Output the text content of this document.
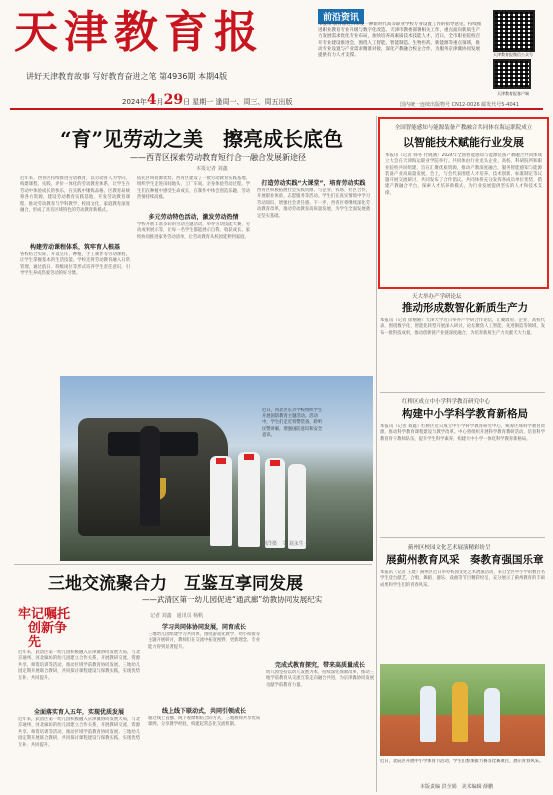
天津教育报
讲好天津教育故事 写好教育奋进之笔 第4936期 本期4版
2024年4月29日 星期一 逢周一、周三、周五出版
前沿资讯
本报讯 教育部近日印发一种新时代高等职业学校专业设置工作的指导意见，持续推进职业教育专业升级与数字化改造。天津市教委部署相关工作，重点面向新质生产力发展需求优化专业布局，加快培养高素质技术技能人才。近日，全市职业院校召开专业建设推进会，围绕人工智能、智能制造、生物医药、新能源等重点领域，推动专业设置与产业需求精准对接，深化产教融合校企合作，为服务京津冀协同发展提供有力人才支撑。	天津教育报微信公众号
天津教育报客户端
国内统一连续出版物号 CN12-0026 邮发代号5-4041
“育”见劳动之美　擦亮成长底色
——西青区探索劳动教育短行合一融合发展新途径
本报记者 刘鑫
近年来，西青区持续推进劳动教育，以劳动育人为导向，构建课程、实践、评价一体化的劳动教育体系，让学生在劳动中体验成长的快乐，在实践中锤炼品格。区教育局统筹各方资源，建设劳动教育实践基地，开发劳动教育课程，推动劳动教育与学科教学、校园文化、家庭教育深度融合，形成了具有区域特色的劳动教育新模式。
构建劳动课程体系，筑牢育人根基
各校结合实际，开设烹饪、种植、手工制作等劳动课程，让学生掌握基本的生活技能。学校还将劳动教育融入日常管理，通过值日、班级岗位等形式培养学生责任意识，引导学生养成热爱劳动的好习惯。
依托区域资源优势，西青区建设了一批劳动教育实践基地，组织学生走进田间地头、工厂车间，亲身体验劳动过程。学生们在种植中感受生命成长，在制作中体会创造乐趣，劳动热情持续高涨。
多元劳动特色活动，激发劳动热情
学校开展丰富多彩的劳动主题活动，举办劳动技能大赛、劳动成果展示等，让每一名学生都能展示自我、收获成长。家校协同推进家务劳动清单，让劳动教育从校园延伸到家庭。
打造劳动实践“大课堂”，培育劳动实践
西青区积极拓展社会实践资源，与企业、农场、社区合作，开展职业体验、志愿服务等活动。学生们在真实情境中学习劳动知识，增强社会责任感。下一步，西青区将继续深化劳动教育改革，推动劳动教育高质量发展，为学生全面发展奠定坚实基础。
全国智能感知与能源装备产教融合共同体在海运职院成立
以智能技术赋能行业发展
本报讯（记者 韩冬 付晓涵）2024年全国智能感知与能源装备产教融合共同体成立大会在天津海运职业学院举行。共同体由行业龙头企业、高校、科研院所和职业院校共同组建，旨在汇聚优质资源，推动产教深度融合，服务智能感知与能源装备产业高质量发展。会上，与会代表围绕人才培养、技术创新、标准制定等议题开展交流研讨，共同发布了合作倡议。共同体将充分发挥各成员单位优势，搭建产教融合平台，探索人才培养新模式，为行业发展提供坚实的人才和技术支撑。
天大举办产学研论坛
推动形成数智化新质生产力
本报讯（记者 徐丽丽）天津大学近日举办产学研合作论坛，汇聚政府、企业、高校代表，围绕数字化、智能化转型开展深入研讨。论坛聚焦人工智能、先进制造等领域，发布一批科技成果，推动创新链产业链深度融合，为培育新质生产力贡献天大力量。
红桥区成立中小学科学教育研究中心
构建中小学科学教育新格局
本报讯（记者 刘鑫）红桥区近日成立中小学科学教育研究中心，统筹区域科学教育资源，推动科学教育课程建设与教学改革。中心将组织开展科学教育教研活动，培育科学教育骨干教师队伍，提升学生科学素养，构建大中小学一体化科学教育新格局。
蓟州区校园文化艺术展演精彩纷呈
展蓟州教育风采　奏教育强国乐章
本报讯（记者 王建）蓟州区近日举办校园文化艺术展演活动，来自全区中小学的数百名学生登台献艺，合唱、舞蹈、器乐、戏曲等节目精彩纷呈，充分展示了蓟州教育的丰硕成果和学生们的青春风采。
近日，河北区长兴学校组织学生开展国防教育主题活动。活动中，学生们走近特警装备，聆听民警讲解，增强国防意识和安全意识。
刘洋摄　文 刘永生 摄
三地交流聚合力　互鉴互享同发展
——武清区第一幼儿园促进“通武廊”幼教协同发展纪实
牢记嘱托
创新争先
近年来，武清区第一幼儿园积极融入京津冀协同发展大局，与北京通州、河北廊坊的幼儿园建立合作关系，开展教研交流、资源共享、师资培训等活动，推动区域学前教育协同发展。三地幼儿园定期开展联合教研，共同探讨课程建设与保教实践，实现优势互补、共同提升。
全面落实育人五年，实现优质发展
近年来，武清区第一幼儿园积极融入京津冀协同发展大局，与北京通州、河北廊坊的幼儿园建立合作关系，开展教研交流、资源共享、师资培训等活动，推动区域学前教育协同发展。三地幼儿园定期开展联合教研，共同探讨课程建设与保教实践，实现优势互补、共同提升。
记者 刘鑫　通讯员 杨帆
学习共同体协同发展，同育成长
三地幼儿园组建学习共同体，围绕游戏化教学、幼小衔接等主题开展研讨，教师们在交流中拓宽视野、更新理念，专业能力得到显著提升。
线上线下联动式，共同引领成长
通过线上直播、线下观摩相结合的方式，三地教师共享优质课例，分享教学经验，构建起常态化交流机制。
完成式教育探究，带来高质量成长
幼儿园坚持以幼儿发展为本，持续深化保教改革，推动三地学前教育从交流互鉴走向融合共进，为京津冀协同发展贡献学前教育力量。
近日，北辰区开展中小学体育节活动，学生们参加接力赛等比赛项目，展示青春风采。
本版责编 洪全娟　美术编辑 薛鹏
